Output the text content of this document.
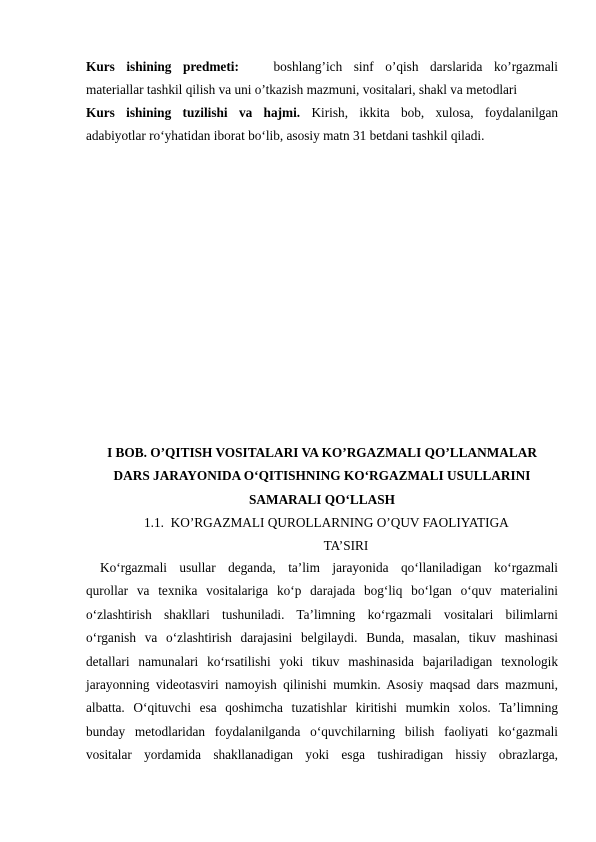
Kurs ishining predmeti:	boshlang’ich sinf o’qish darslarida ko’rgazmali
materiallar tashkil qilish va uni o’tkazish mazmuni, vositalari, shakl va metodlari
Kurs ishining tuzilishi va hajmi. Kirish, ikkita bob, xulosa, foydalanilgan
adabiyotlar ro‘yhatidan iborat bo‘lib, asosiy matn 31 betdani tashkil qiladi.
I BOB. O’QITISH VOSITALARI VA KO’RGAZMALI QO’LLANMALAR
DARS JARAYONIDA O‘QITISHNING KO‘RGAZMALI USULLARINI
SAMARALI QO‘LLASH
1.1. KO’RGAZMALI QUROLLARNING O’QUV FAOLIYATIGA
TA’SIRI
Ko‘rgazmali usullar deganda, ta’lim jarayonida qo‘llaniladigan ko‘rgazmali
qurollar va texnika vositalariga ko‘p darajada bog‘liq bo‘lgan o‘quv materialini
o‘zlashtirish shakllari tushuniladi. Ta’limning ko‘rgazmali vositalari bilimlarni
o‘rganish va o‘zlashtirish darajasini belgilaydi. Bunda, masalan, tikuv mashinasi
detallari namunalari ko‘rsatilishi yoki tikuv mashinasida bajariladigan texnologik
jarayonning videotasviri namoyish qilinishi mumkin. Asosiy maqsad dars mazmuni,
albatta. O‘qituvchi esa qoshimcha tuzatishlar kiritishi mumkin xolos. Ta’limning
bunday metodlaridan foydalanilganda o‘quvchilarning bilish faoliyati ko‘gazmali
vositalar yordamida shakllanadigan yoki esga tushiradigan hissiy obrazlarga,
